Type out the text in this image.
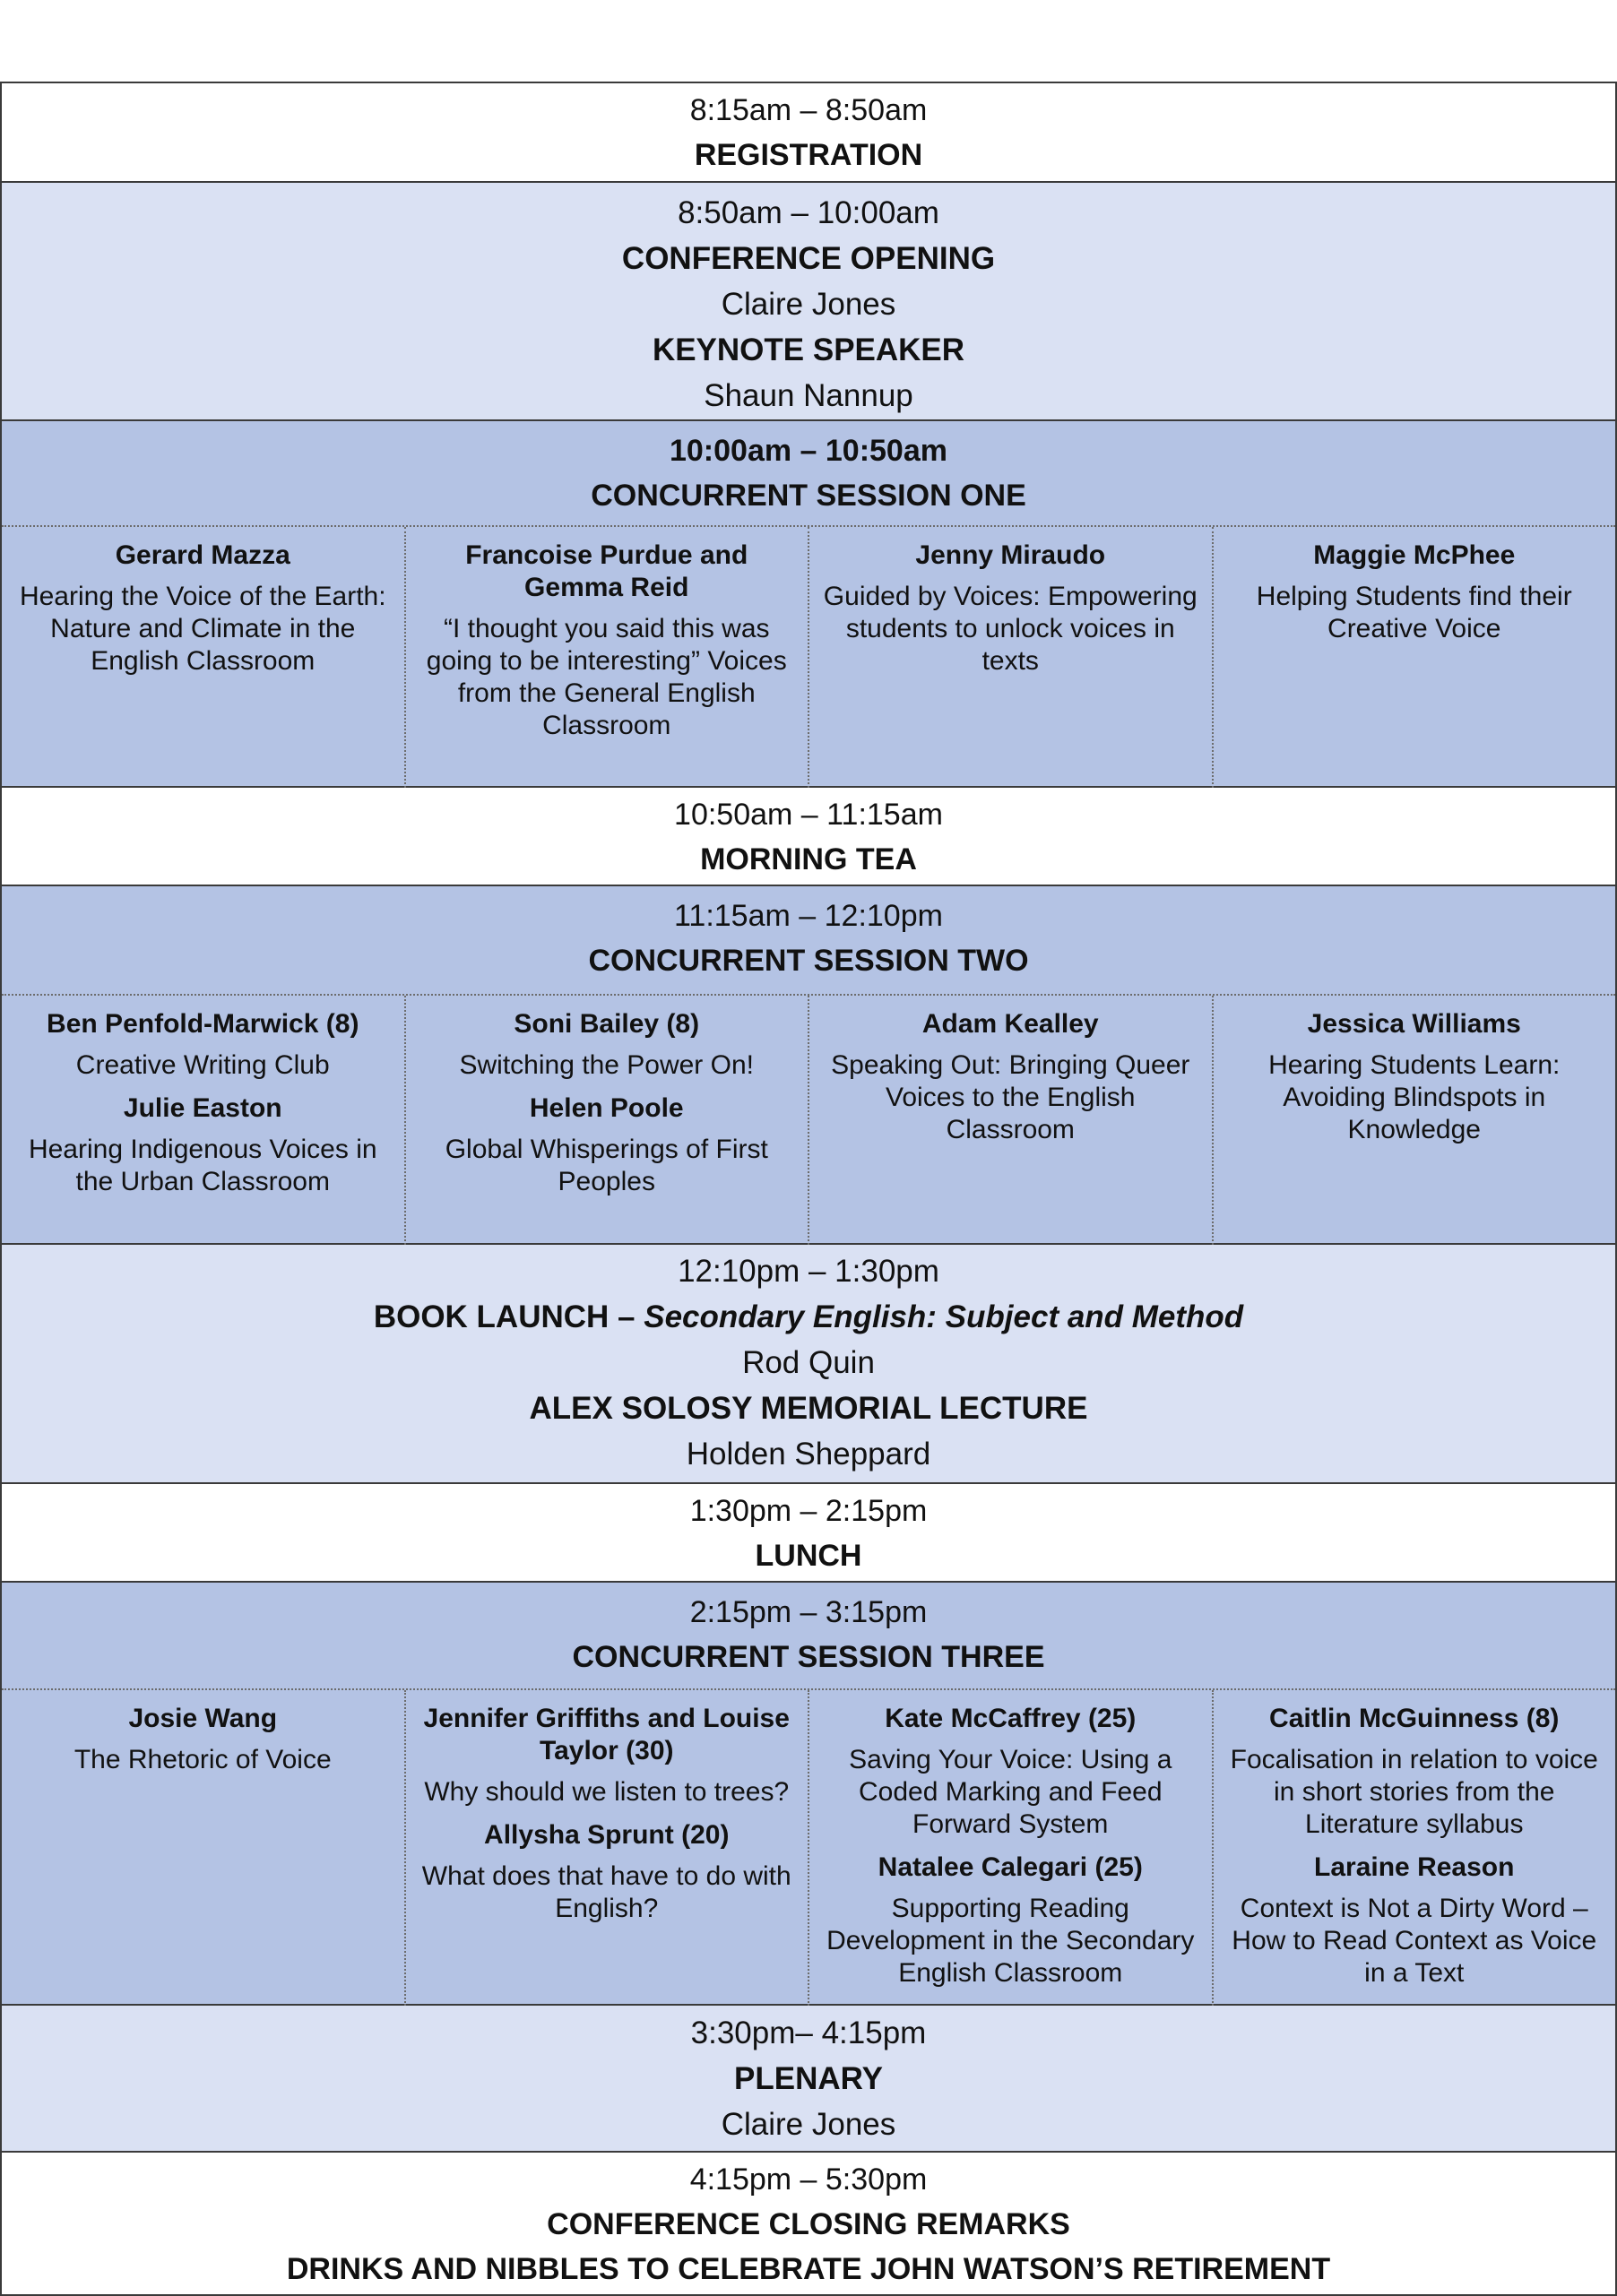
8:15am – 8:50am
REGISTRATION
8:50am – 10:00am
CONFERENCE OPENING
Claire Jones
KEYNOTE SPEAKER
Shaun Nannup
10:00am – 10:50am
CONCURRENT SESSION ONE
Gerard Mazza
Hearing the Voice of the Earth: Nature and Climate in the English Classroom
Francoise Purdue and Gemma Reid
“I thought you said this was going to be interesting” Voices from the General English Classroom
Jenny Miraudo
Guided by Voices: Empowering students to unlock voices in texts
Maggie McPhee
Helping Students find their Creative Voice
10:50am – 11:15am
MORNING TEA
11:15am – 12:10pm
CONCURRENT SESSION TWO
Ben Penfold-Marwick (8)
Creative Writing Club
Julie Easton
Hearing Indigenous Voices in the Urban Classroom
Soni Bailey (8)
Switching the Power On!
Helen Poole
Global Whisperings of First Peoples
Adam Kealley
Speaking Out: Bringing Queer Voices to the English Classroom
Jessica Williams
Hearing Students Learn: Avoiding Blindspots in Knowledge
12:10pm – 1:30pm
BOOK LAUNCH – Secondary English: Subject and Method
Rod Quin
ALEX SOLOSY MEMORIAL LECTURE
Holden Sheppard
1:30pm – 2:15pm
LUNCH
2:15pm – 3:15pm
CONCURRENT SESSION THREE
Josie Wang
The Rhetoric of Voice
Jennifer Griffiths and Louise Taylor (30)
Why should we listen to trees?
Allysha Sprunt (20)
What does that have to do with English?
Kate McCaffrey (25)
Saving Your Voice: Using a Coded Marking and Feed Forward System
Natalee Calegari (25)
Supporting Reading Development in the Secondary English Classroom
Caitlin McGuinness (8)
Focalisation in relation to voice in short stories from the Literature syllabus
Laraine Reason
Context is Not a Dirty Word – How to Read Context as Voice in a Text
3:30pm– 4:15pm
PLENARY
Claire Jones
4:15pm – 5:30pm
CONFERENCE CLOSING REMARKS
DRINKS AND NIBBLES TO CELEBRATE JOHN WATSON’S RETIREMENT
